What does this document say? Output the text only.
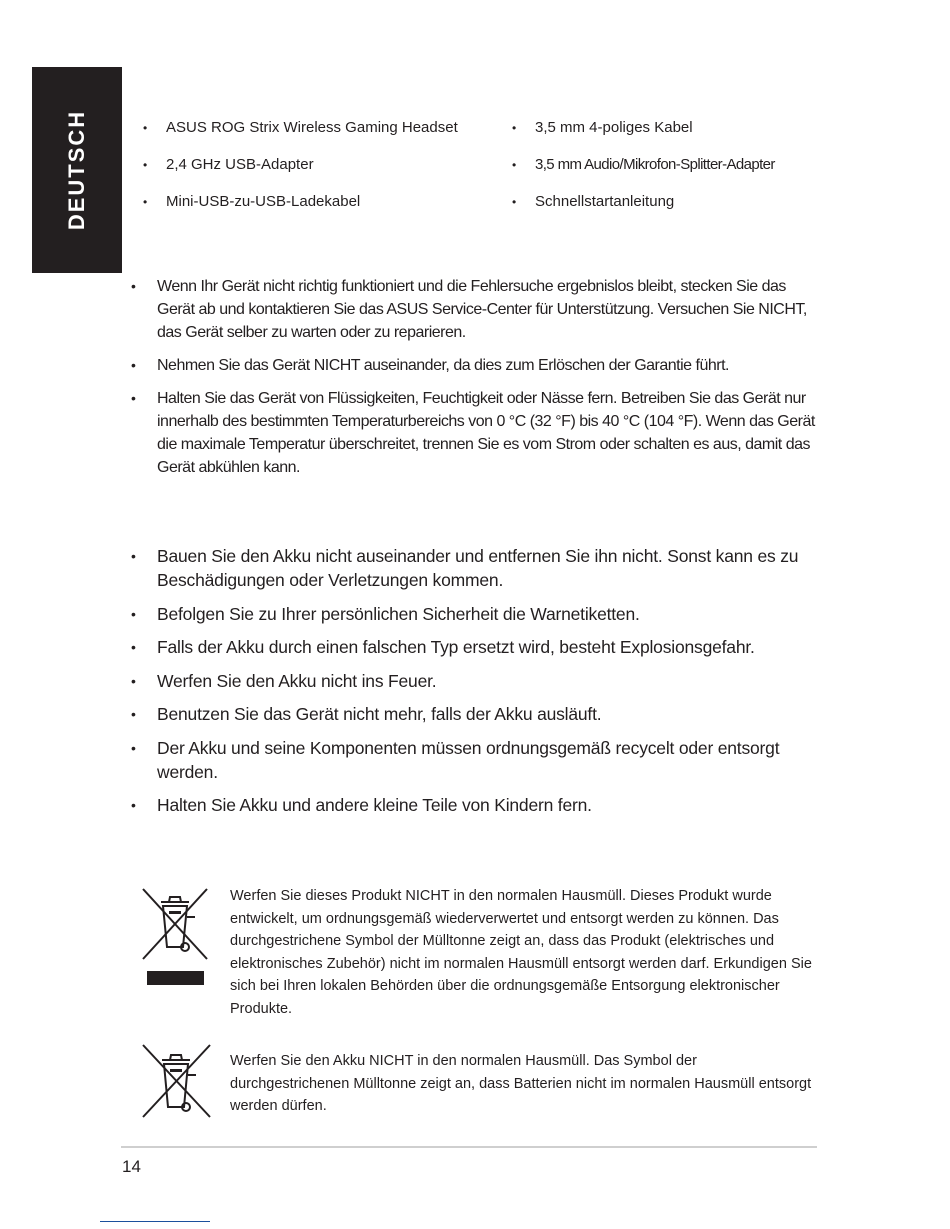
DEUTSCH
•	ASUS ROG Strix Wireless Gaming Headset
• 2,4 GHz USB-Adapter
• Mini-USB-zu-USB-Ladekabel
• 3,5 mm 4-poliges Kabel
• 3,5 mm Audio/Mikrofon-Splitter-Adapter
• Schnellstartanleitung
• Wenn Ihr Gerät nicht richtig funktioniert und die Fehlersuche ergebnislos bleibt, stecken Sie das Gerät ab und kontaktieren Sie das ASUS Service-Center für Unterstützung. Versuchen Sie NICHT, das Gerät selber zu warten oder zu reparieren.
• Nehmen Sie das Gerät NICHT auseinander, da dies zum Erlöschen der Garantie führt.
• Halten Sie das Gerät von Flüssigkeiten, Feuchtigkeit oder Nässe fern. Betreiben Sie das Gerät nur innerhalb des bestimmten Temperaturbereichs von 0 °C (32 °F) bis 40 °C (104 °F). Wenn das Gerät die maximale Temperatur überschreitet, trennen Sie es vom Strom oder schalten es aus, damit das Gerät abkühlen kann.
• Bauen Sie den Akku nicht auseinander und entfernen Sie ihn nicht. Sonst kann es zu Beschädigungen oder Verletzungen kommen.
• Befolgen Sie zu Ihrer persönlichen Sicherheit die Warnetiketten.
• Falls der Akku durch einen falschen Typ ersetzt wird, besteht Explosionsgefahr.
• Werfen Sie den Akku nicht ins Feuer.
• Benutzen Sie das Gerät nicht mehr, falls der Akku ausläuft.
• Der Akku und seine Komponenten müssen ordnungsgemäß recycelt oder entsorgt werden.
• Halten Sie Akku und andere kleine Teile von Kindern fern.

Werfen Sie dieses Produkt NICHT in den normalen Hausmüll. Dieses Produkt wurde entwickelt, um ordnungsgemäß wiederverwertet und entsorgt werden zu können. Das durchgestrichene Symbol der Mülltonne zeigt an, dass das Produkt (elektrisches und elektronisches Zubehör) nicht im normalen Hausmüll entsorgt werden darf. Erkundigen Sie sich bei Ihren lokalen Behörden über die ordnungsgemäße Entsorgung elektronischer Produkte.

Werfen Sie den Akku NICHT in den normalen Hausmüll. Das Symbol der durchgestrichenen Mülltonne zeigt an, dass Batterien nicht im normalen Hausmüll entsorgt werden dürfen.

14
